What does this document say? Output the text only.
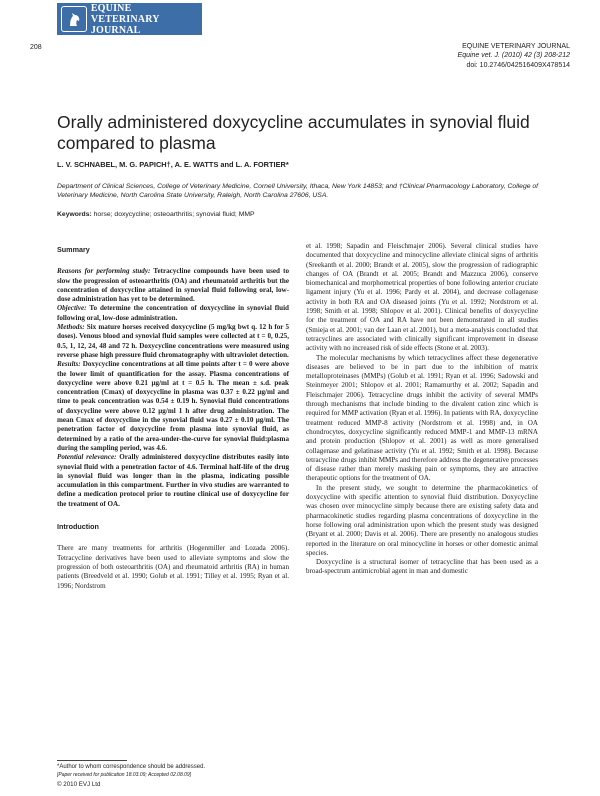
EQUINE VETERINARY
JOURNAL
208	EQUINE VETERINARY JOURNAL
Equine vet. J. (2010) 42 (3) 208-212
doi: 10.2746/042516409X478514
Orally administered doxycycline accumulates in synovial fluid compared to plasma
L. V. SCHNABEL, M. G. PAPICH†, A. E. WATTS and L. A. FORTIER*
Department of Clinical Sciences, College of Veterinary Medicine, Cornell University, Ithaca, New York 14853; and †Clinical Pharmacology Laboratory, College of Veterinary Medicine, North Carolina State University, Raleigh, North Carolina 27606, USA.
Keywords: horse; doxycycline; osteoarthritis; synovial fluid; MMP
Summary

Reasons for performing study: Tetracycline compounds have been used to slow the progression of osteoarthritis (OA) and rheumatoid arthritis but the concentration of doxycycline attained in synovial fluid following oral, low-dose administration has yet to be determined.

Objective: To determine the concentration of doxycycline in synovial fluid following oral, low-dose administration.

Methods: Six mature horses received doxycycline (5 mg/kg bwt q. 12 h for 5 doses). Venous blood and synovial fluid samples were collected at t = 0, 0.25, 0.5, 1, 12, 24, 48 and 72 h. Doxycycline concentrations were measured using reverse phase high pressure fluid chromatography with ultraviolet detection.

Results: Doxycycline concentrations at all time points after t = 0 were above the lower limit of quantification for the assay. Plasma concentrations of doxycycline were above 0.21 μg/ml at t = 0.5 h. The mean ± s.d. peak concentration (Cmax) of doxycycline in plasma was 0.37 ± 0.22 μg/ml and time to peak concentration was 0.54 ± 0.19 h. Synovial fluid concentrations of doxycycline were above 0.12 μg/ml 1 h after drug administration. The mean Cmax of doxycycline in the synovial fluid was 0.27 ± 0.10 μg/ml. The penetration factor of doxycycline from plasma into synovial fluid, as determined by a ratio of the area-under-the-curve for synovial fluid:plasma during the sampling period, was 4.6.

Potential relevance: Orally administered doxycycline distributes easily into synovial fluid with a penetration factor of 4.6. Terminal half-life of the drug in synovial fluid was longer than in the plasma, indicating possible accumulation in this compartment. Further in vivo studies are warranted to define a medication protocol prior to routine clinical use of doxycycline for the treatment of OA.

Introduction

There are many treatments for arthritis (Hogenmiller and Lozada 2006). Tetracycline derivatives have been used to alleviate symptoms and slow the progression of both osteoarthritis (OA) and rheumatoid arthritis (RA) in human patients (Breedveld et al. 1990; Golub et al. 1991; Tilley et al. 1995; Ryan et al. 1996; Nordstrom

et al. 1998; Sapadin and Fleischmajer 2006). Several clinical studies have documented that doxycycline and minocycline alleviate clinical signs of arthritis (Sreekanth et al. 2000; Brandt et al. 2005), slow the progression of radiographic changes of OA (Brandt et al. 2005; Brandt and Mazzuca 2006), conserve biomechanical and morphometrical properties of bone following anterior cruciate ligament injury (Yu et al. 1996; Pardy et al. 2004), and decrease collagenase activity in both RA and OA diseased joints (Yu et al. 1992; Nordstrom et al. 1998; Smith et al. 1998; Shlopov et al. 2001). Clinical benefits of doxycycline for the treatment of OA and RA have not been demonstrated in all studies (Smieja et al. 2001; van der Laan et al. 2001), but a meta-analysis concluded that tetracyclines are associated with clinically significant improvement in disease activity with no increased risk of side effects (Stone et al. 2003).

The molecular mechanisms by which tetracyclines affect these degenerative diseases are believed to be in part due to the inhibition of matrix metalloproteinases (MMPs) (Golub et al. 1991; Ryan et al. 1996; Sadowski and Steinmeyer 2001; Shlopov et al. 2001; Ramamurthy et al. 2002; Sapadin and Fleischmajer 2006). Tetracycline drugs inhibit the activity of several MMPs through mechanisms that include binding to the divalent cation zinc which is required for MMP activation (Ryan et al. 1996). In patients with RA, doxycycline treatment reduced MMP-8 activity (Nordstrom et al. 1998) and, in OA chondrocytes, doxycycline significantly reduced MMP-1 and MMP-13 mRNA and protein production (Shlopov et al. 2001) as well as more generalised collagenase and gelatinase activity (Yu et al. 1992; Smith et al. 1998). Because tetracycline drugs inhibit MMPs and therefore address the degenerative processes of disease rather than merely masking pain or symptoms, they are attractive therapeutic options for the treatment of OA.

In the present study, we sought to determine the pharmacokinetics of doxycycline with specific attention to synovial fluid distribution. Doxycycline was chosen over minocycline simply because there are existing safety data and pharmacokinetic studies regarding plasma concentrations of doxycycline in the horse following oral administration upon which the present study was designed (Bryant et al. 2000; Davis et al. 2006). There are presently no analogous studies reported in the literature on oral minocycline in horses or other domestic animal species.

Doxycycline is a structural isomer of tetracycline that has been used as a broad-spectrum antimicrobial agent in man and domestic

*Author to whom correspondence should be addressed.
[Paper received for publication 18.03.09; Accepted 02.08.09]
© 2010 EVJ Ltd
